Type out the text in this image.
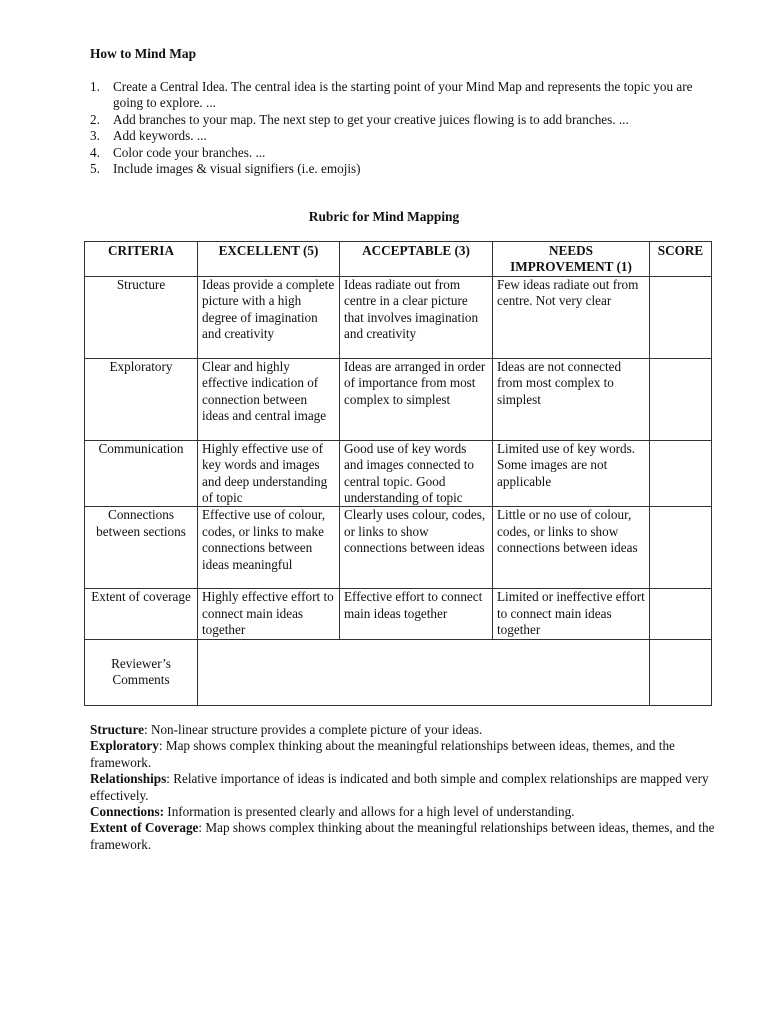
How to Mind Map
1. Create a Central Idea. The central idea is the starting point of your Mind Map and represents the topic you are going to explore. ...
2. Add branches to your map. The next step to get your creative juices flowing is to add branches. ...
3. Add keywords. ...
4. Color code your branches. ...
5. Include images & visual signifiers (i.e. emojis)
Rubric for Mind Mapping
CRITERIA	EXCELLENT (5)	ACCEPTABLE (3)	NEEDS IMPROVEMENT (1)	SCORE
Structure	Ideas provide a complete picture with a high degree of imagination and creativity	Ideas radiate out from centre in a clear picture that involves imagination and creativity	Few ideas radiate out from centre. Not very clear	
Exploratory	Clear and highly effective indication of connection between ideas and central image	Ideas are arranged in order of importance from most complex to simplest	Ideas are not connected from most complex to simplest	
Communication	Highly effective use of key words and images and deep understanding of topic	Good use of key words and images connected to central topic. Good understanding of topic	Limited use of key words. Some images are not applicable	
Connections between sections	Effective use of colour, codes, or links to make connections between ideas meaningful	Clearly uses colour, codes, or links to show connections between ideas	Little or no use of colour, codes, or links to show connections between ideas	
Extent of coverage	Highly effective effort to connect main ideas together	Effective effort to connect main ideas together	Limited or ineffective effort to connect main ideas together	
Reviewer’s Comments				

Structure: Non-linear structure provides a complete picture of your ideas.

Exploratory: Map shows complex thinking about the meaningful relationships between ideas, themes, and the framework.

Relationships: Relative importance of ideas is indicated and both simple and complex relationships are mapped very effectively.

Connections: Information is presented clearly and allows for a high level of understanding.

Extent of Coverage: Map shows complex thinking about the meaningful relationships between ideas, themes, and the framework.
